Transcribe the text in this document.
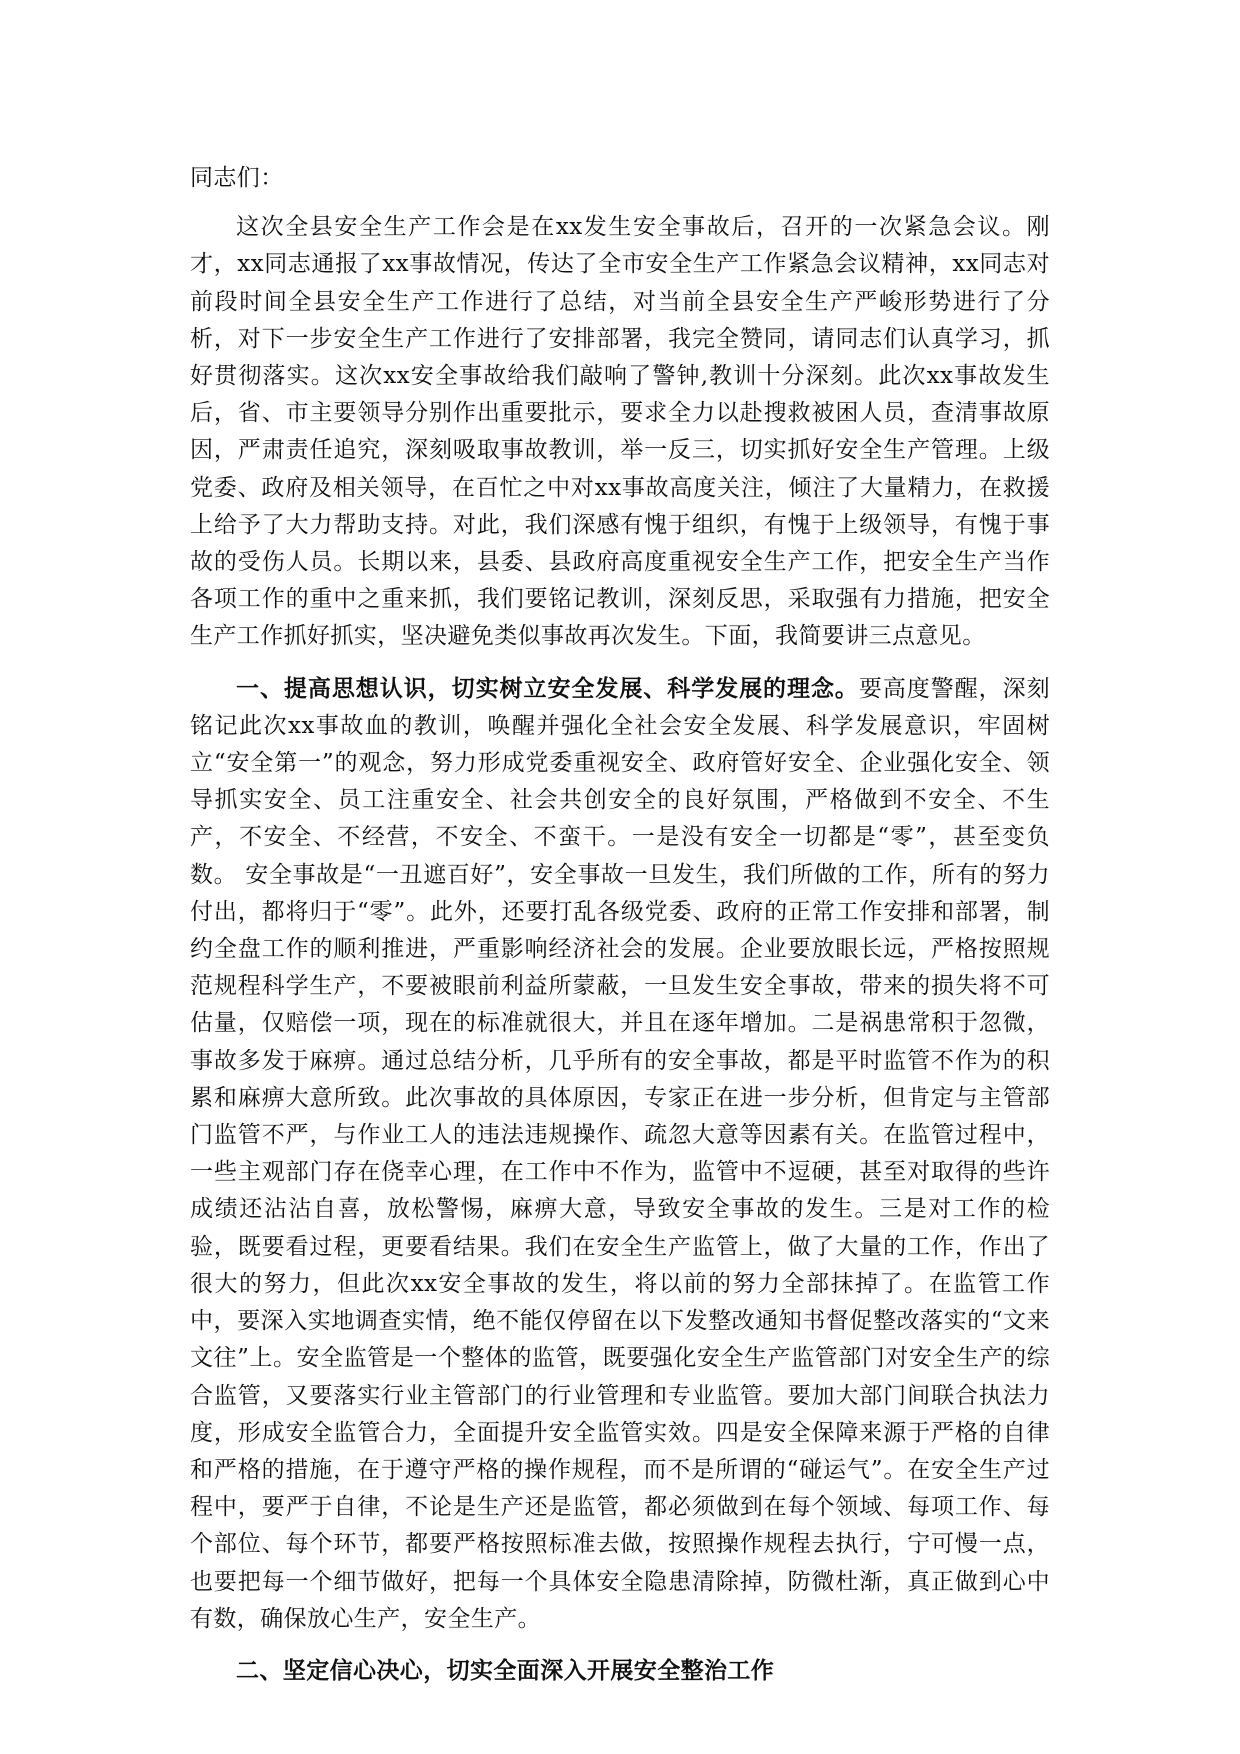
同志们：

这次全县安全生产工作会是在xx发生安全事故后，召开的一次紧急会议。刚才，xx同志通报了xx事故情况，传达了全市安全生产工作紧急会议精神，xx同志对前段时间全县安全生产工作进行了总结，对当前全县安全生产严峻形势进行了分析，对下一步安全生产工作进行了安排部署，我完全赞同，请同志们认真学习，抓好贯彻落实。这次xx安全事故给我们敲响了警钟,教训十分深刻。此次xx事故发生后，省、市主要领导分别作出重要批示，要求全力以赴搜救被困人员，查清事故原因，严肃责任追究，深刻吸取事故教训，举一反三，切实抓好安全生产管理。上级党委、政府及相关领导，在百忙之中对xx事故高度关注，倾注了大量精力，在救援上给予了大力帮助支持。对此，我们深感有愧于组织，有愧于上级领导，有愧于事故的受伤人员。长期以来，县委、县政府高度重视安全生产工作，把安全生产当作各项工作的重中之重来抓，我们要铭记教训，深刻反思，采取强有力措施，把安全生产工作抓好抓实，坚决避免类似事故再次发生。下面，我简要讲三点意见。

一、提高思想认识，切实树立安全发展、科学发展的理念。要高度警醒，深刻铭记此次xx事故血的教训，唤醒并强化全社会安全发展、科学发展意识，牢固树立“安全第一”的观念，努力形成党委重视安全、政府管好安全、企业强化安全、领导抓实安全、员工注重安全、社会共创安全的良好氛围，严格做到不安全、不生产，不安全、不经营，不安全、不蛮干。一是没有安全一切都是“零”，甚至变负数。 安全事故是“一丑遮百好”，安全事故一旦发生，我们所做的工作，所有的努力付出，都将归于“零”。此外，还要打乱各级党委、政府的正常工作安排和部署，制约全盘工作的顺利推进，严重影响经济社会的发展。企业要放眼长远，严格按照规范规程科学生产，不要被眼前利益所蒙蔽，一旦发生安全事故，带来的损失将不可估量，仅赔偿一项，现在的标准就很大，并且在逐年增加。二是祸患常积于忽微，事故多发于麻痹。通过总结分析，几乎所有的安全事故，都是平时监管不作为的积累和麻痹大意所致。此次事故的具体原因，专家正在进一步分析，但肯定与主管部门监管不严，与作业工人的违法违规操作、疏忽大意等因素有关。在监管过程中，一些主观部门存在侥幸心理，在工作中不作为，监管中不逗硬，甚至对取得的些许成绩还沾沾自喜，放松警惕，麻痹大意，导致安全事故的发生。三是对工作的检验，既要看过程，更要看结果。我们在安全生产监管上，做了大量的工作，作出了很大的努力，但此次xx安全事故的发生，将以前的努力全部抹掉了。在监管工作中，要深入实地调查实情，绝不能仅停留在以下发整改通知书督促整改落实的“文来文往”上。安全监管是一个整体的监管，既要强化安全生产监管部门对安全生产的综合监管，又要落实行业主管部门的行业管理和专业监管。要加大部门间联合执法力度，形成安全监管合力，全面提升安全监管实效。四是安全保障来源于严格的自律和严格的措施，在于遵守严格的操作规程，而不是所谓的“碰运气”。在安全生产过程中，要严于自律，不论是生产还是监管，都必须做到在每个领域、每项工作、每个部位、每个环节，都要严格按照标准去做，按照操作规程去执行，宁可慢一点，也要把每一个细节做好，把每一个具体安全隐患清除掉，防微杜渐，真正做到心中有数，确保放心生产，安全生产。

二、坚定信心决心，切实全面深入开展安全整治工作
